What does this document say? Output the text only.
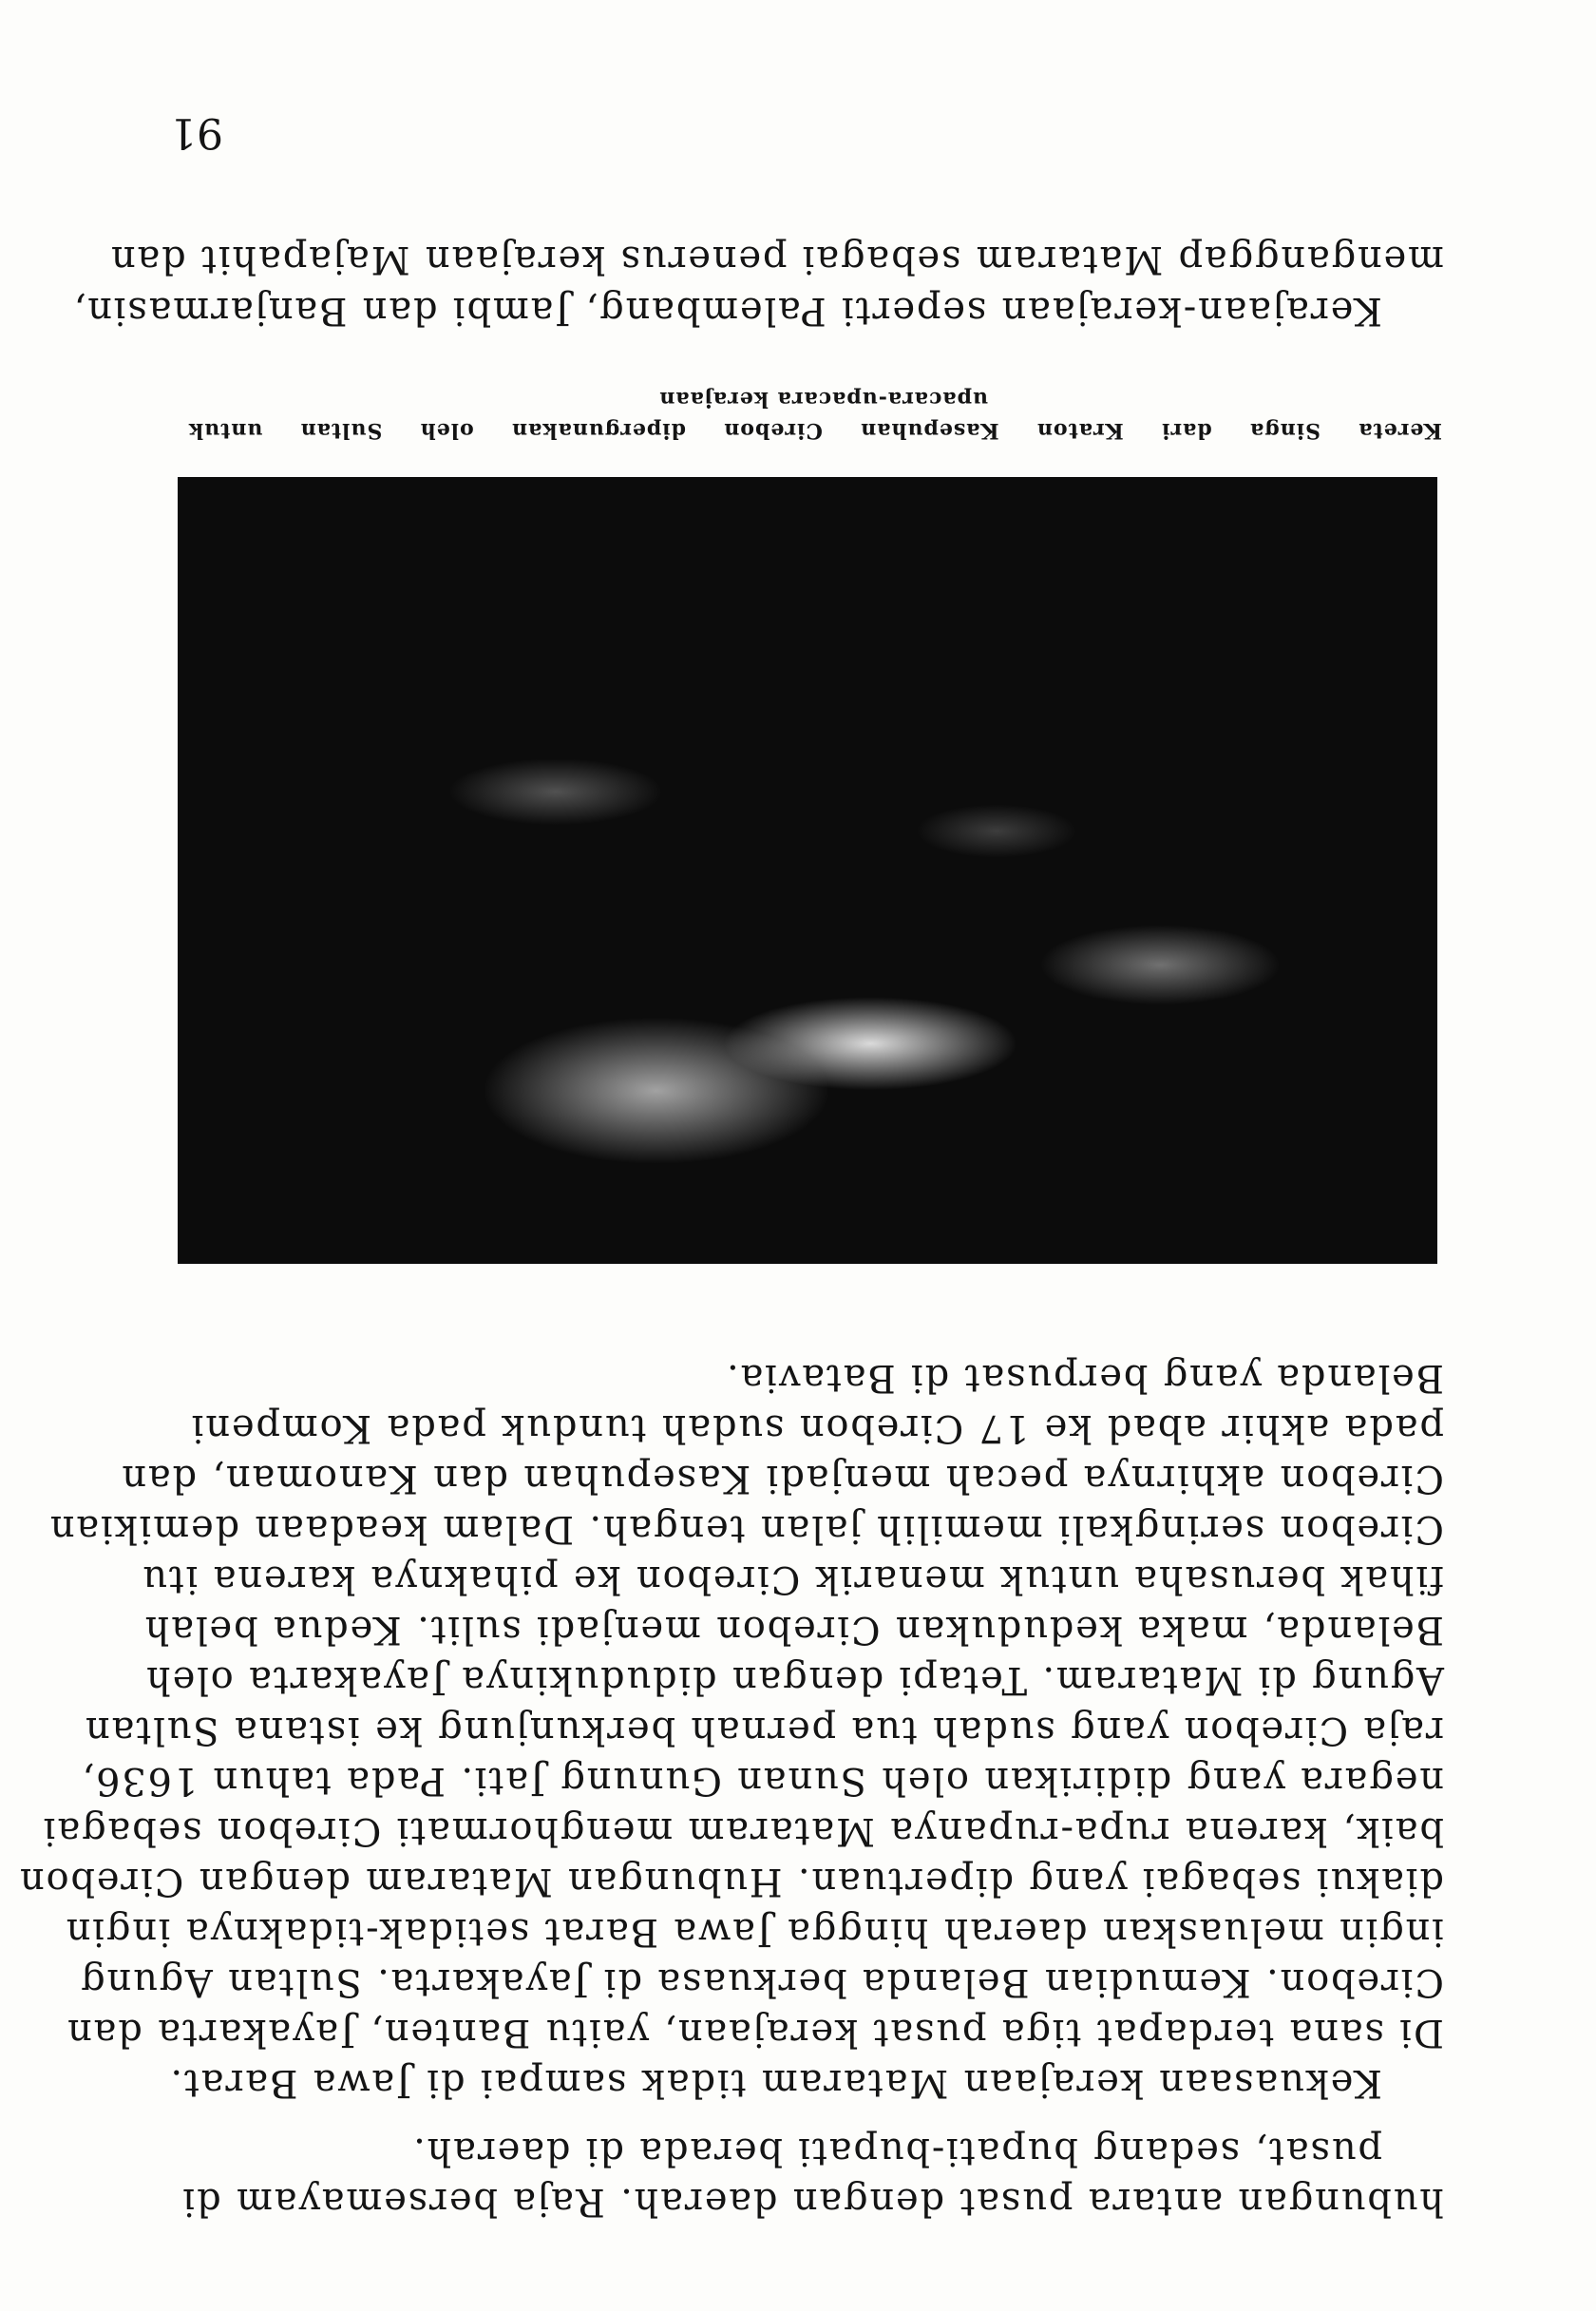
hubungan antara pusat dengan daerah. Raja bersemayam di
pusat, sedang bupati-bupati berada di daerah.
Kekuasaan kerajaan Mataram tidak sampai di Jawa Barat.
Di sana terdapat tiga pusat kerajaan, yaitu Banten, Jayakarta dan
Cirebon. Kemudian Belanda berkuasa di Jayakarta. Sultan Agung
ingin meluaskan daerah hingga Jawa Barat setidak-tidaknya ingin
diakui sebagai yang dipertuan. Hubungan Mataram dengan Cirebon
baik, karena rupa-rupanya Mataram menghormati Cirebon sebagai
negara yang didirikan oleh Sunan Gunung Jati. Pada tahun 1636,
raja Cirebon yang sudah tua pernah berkunjung ke istana Sultan
Agung di Mataram. Tetapi dengan didudukinya Jayakarta oleh
Belanda, maka kedudukan Cirebon menjadi sulit. Kedua belah
fihak berusaha untuk menarik Cirebon ke pihaknya karena itu
Cirebon seringkali memilih jalan tengah. Dalam keadaan demikian
Cirebon akhirnya pecah menjadi Kasepuhan dan Kanoman, dan
pada akhir abad ke 17 Cirebon sudah tunduk pada Kompeni
Belanda yang berpusat di Batavia.
Kereta Singa dari Kraton Kasepuhan Cirebon dipergunakan oleh Sultan untuk
upacara-upacara kerajaan
Kerajaan-kerajaan seperti Palembang, Jambi dan Banjarmasin,
menganggap Mataram sebagai penerus kerajaan Majapahit dan
91
